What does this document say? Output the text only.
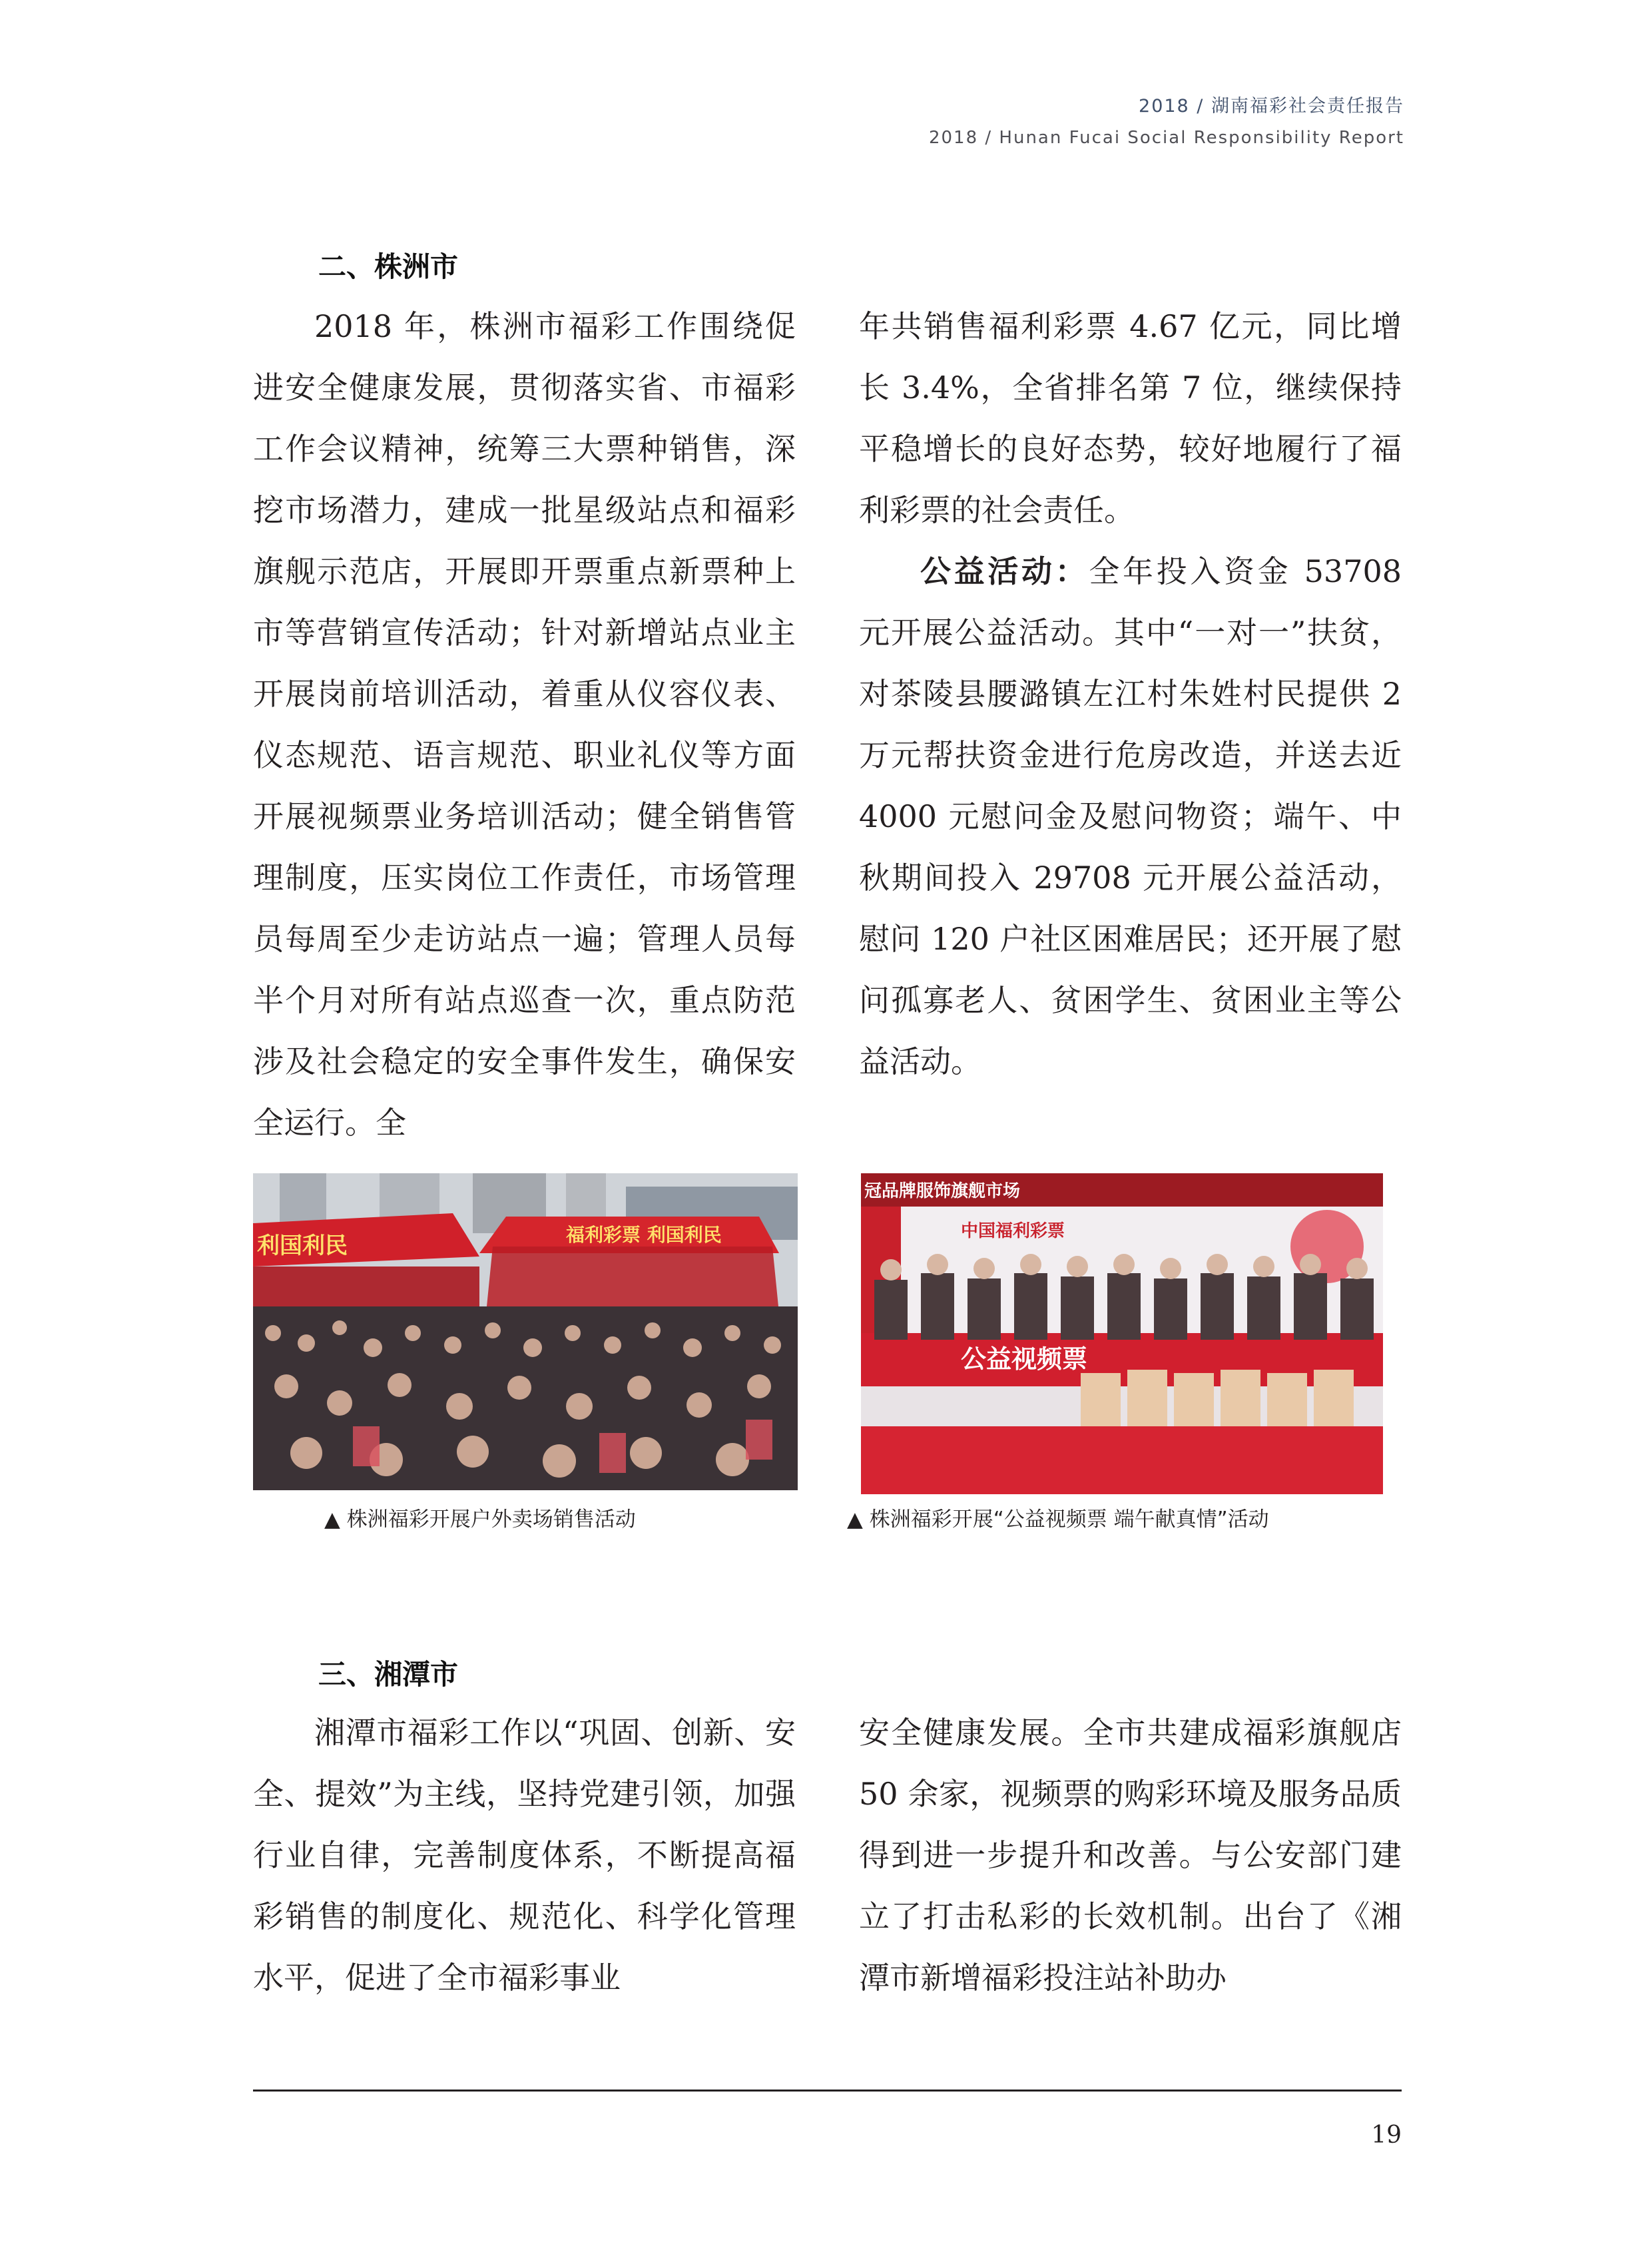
2018 / 湖南福彩社会责任报告
2018 / Hunan Fucai Social Responsibility Report
二、株洲市

2018 年，株洲市福彩工作围绕促进安全健康发展，贯彻落实省、市福彩工作会议精神，统筹三大票种销售，深挖市场潜力，建成一批星级站点和福彩旗舰示范店，开展即开票重点新票种上市等营销宣传活动；针对新增站点业主开展岗前培训活动，着重从仪容仪表、仪态规范、语言规范、职业礼仪等方面开展视频票业务培训活动；健全销售管理制度，压实岗位工作责任，市场管理员每周至少走访站点一遍；管理人员每半个月对所有站点巡查一次，重点防范涉及社会稳定的安全事件发生，确保安全运行。全

年共销售福利彩票 4.67 亿元，同比增长 3.4%，全省排名第 7 位，继续保持平稳增长的良好态势，较好地履行了福利彩票的社会责任。

公益活动：全年投入资金 53708 元开展公益活动。其中“一对一”扶贫，对茶陵县腰潞镇左江村朱姓村民提供 2 万元帮扶资金进行危房改造，并送去近 4000 元慰问金及慰问物资；端午、中秋期间投入 29708 元开展公益活动，慰问 120 户社区困难居民；还开展了慰问孤寡老人、贫困学生、贫困业主等公益活动。

利国利民	福利彩票 利国利民
▲ 株洲福彩开展户外卖场销售活动
冠品牌服饰旗舰市场
中国福利彩票
公益视频票
▲ 株洲福彩开展“公益视频票 端午献真情”活动
三、湘潭市

湘潭市福彩工作以“巩固、创新、安全、提效”为主线，坚持党建引领，加强行业自律，完善制度体系，不断提高福彩销售的制度化、规范化、科学化管理水平，促进了全市福彩事业

安全健康发展。全市共建成福彩旗舰店 50 余家，视频票的购彩环境及服务品质得到进一步提升和改善。与公安部门建立了打击私彩的长效机制。出台了《湘潭市新增福彩投注站补助办

19
